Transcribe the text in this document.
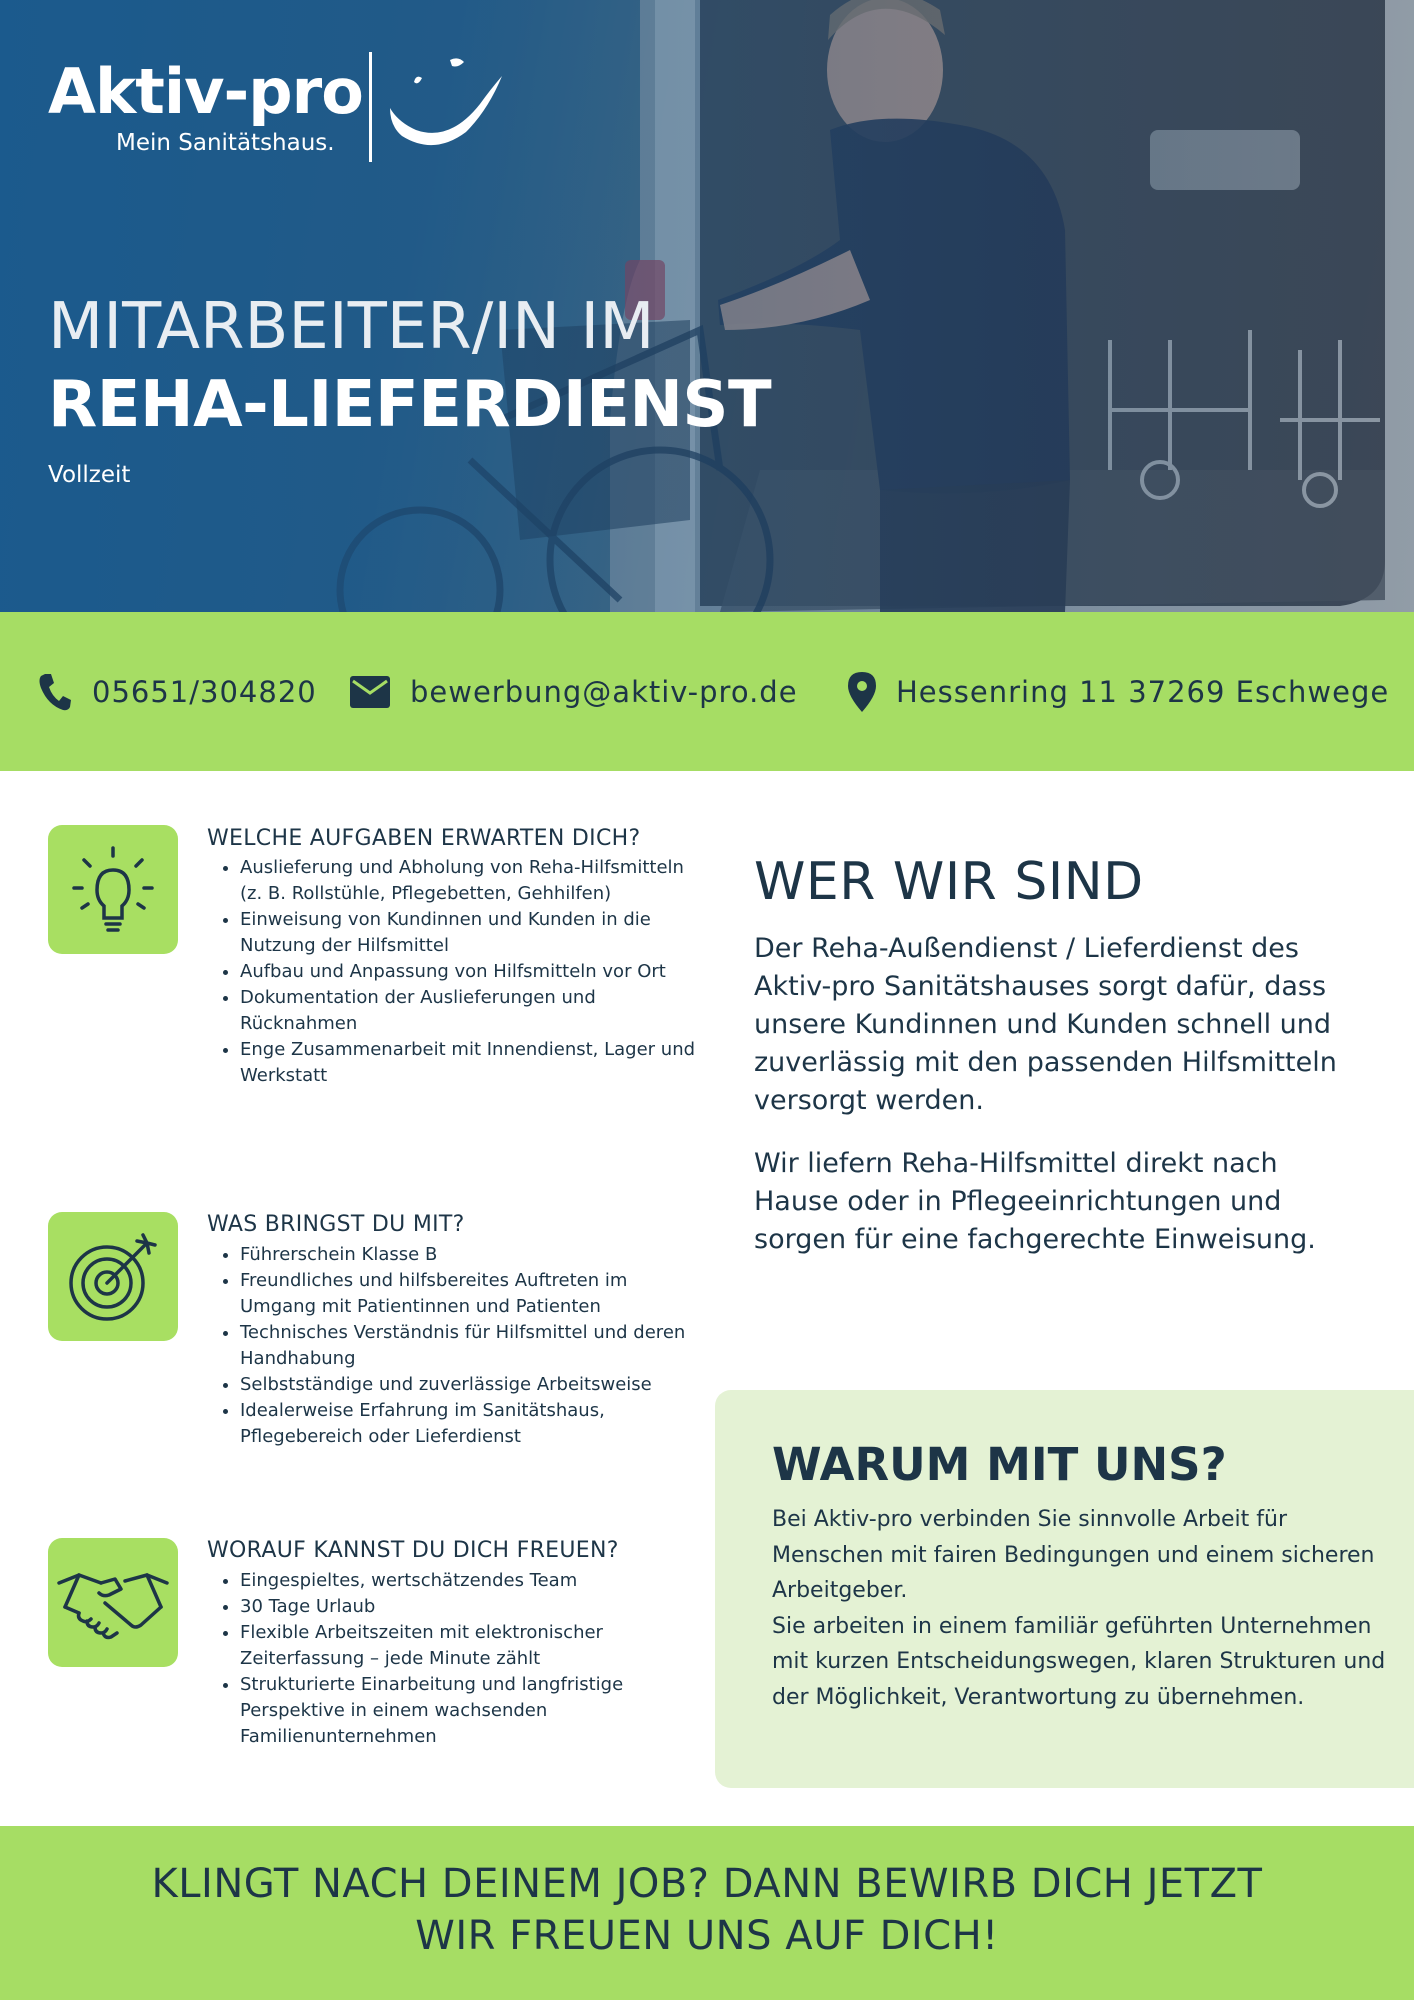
Aktiv-pro
Mein Sanitätshaus.
MITARBEITER/IN IM
REHA-LIEFERDIENST
Vollzeit
05651/304820	bewerbung@aktiv-pro.de	Hessenring 11 37269 Eschwege
WELCHE AUFGABEN ERWARTEN DICH?
• Auslieferung und Abholung von Reha-Hilfsmitteln (z. B. Rollstühle, Pflegebetten, Gehhilfen)
• Einweisung von Kundinnen und Kunden in die Nutzung der Hilfsmittel
• Aufbau und Anpassung von Hilfsmitteln vor Ort
• Dokumentation der Auslieferungen und Rücknahmen
• Enge Zusammenarbeit mit Innendienst, Lager und Werkstatt
WAS BRINGST DU MIT?
• Führerschein Klasse B
• Freundliches und hilfsbereites Auftreten im Umgang mit Patientinnen und Patienten
• Technisches Verständnis für Hilfsmittel und deren Handhabung
• Selbstständige und zuverlässige Arbeitsweise
• Idealerweise Erfahrung im Sanitätshaus, Pflegebereich oder Lieferdienst
WORAUF KANNST DU DICH FREUEN?
• Eingespieltes, wertschätzendes Team
• 30 Tage Urlaub
• Flexible Arbeitszeiten mit elektronischer Zeiterfassung – jede Minute zählt
• Strukturierte Einarbeitung und langfristige Perspektive in einem wachsenden Familienunternehmen
WER WIR SIND

Der Reha-Außendienst / Lieferdienst des Aktiv-pro Sanitätshauses sorgt dafür, dass unsere Kundinnen und Kunden schnell und zuverlässig mit den passenden Hilfsmitteln versorgt werden.

Wir liefern Reha-Hilfsmittel direkt nach Hause oder in Pflegeeinrichtungen und sorgen für eine fachgerechte Einweisung.

WARUM MIT UNS?

Bei Aktiv-pro verbinden Sie sinnvolle Arbeit für Menschen mit fairen Bedingungen und einem sicheren Arbeitgeber.
Sie arbeiten in einem familiär geführten Unternehmen mit kurzen Entscheidungswegen, klaren Strukturen und der Möglichkeit, Verantwortung zu übernehmen.

KLINGT NACH DEINEM JOB? DANN BEWIRB DICH JETZT
WIR FREUEN UNS AUF DICH!
